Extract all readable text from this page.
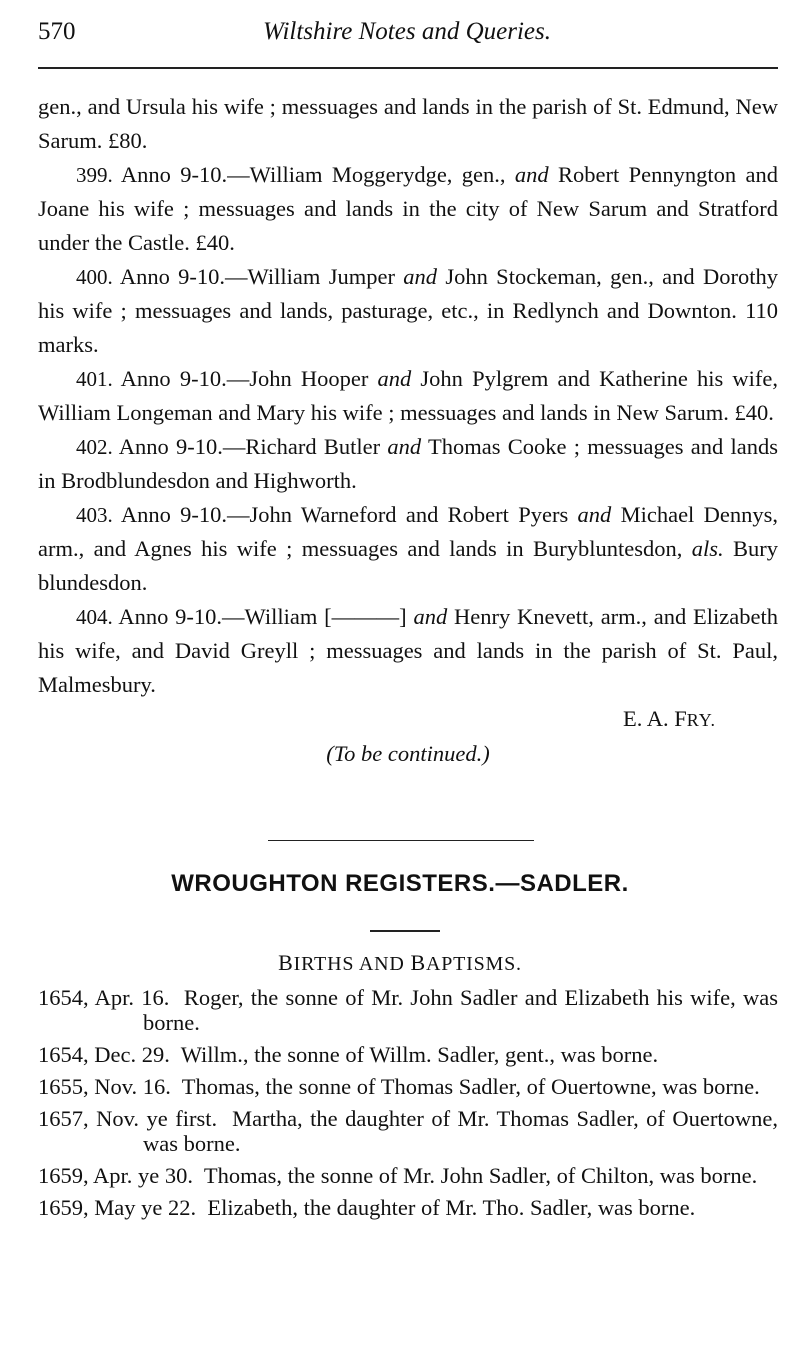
570	Wiltshire Notes and Queries.

gen., and Ursula his wife ; messuages and lands in the parish of St. Edmund, New Sarum. £80.

399. Anno 9-10.—William Moggerydge, gen., and Robert Pennyngton and Joane his wife ; messuages and lands in the city of New Sarum and Stratford under the Castle. £40.

400. Anno 9-10.—William Jumper and John Stockeman, gen., and Dorothy his wife ; messuages and lands, pasturage, etc., in Redlynch and Downton. 110 marks.

401. Anno 9-10.—John Hooper and John Pylgrem and Katherine his wife, William Longeman and Mary his wife ; messuages and lands in New Sarum. £40.

402. Anno 9-10.—Richard Butler and Thomas Cooke ; messuages and lands in Brodblundesdon and Highworth.

403. Anno 9-10.—John Warneford and Robert Pyers and Michael Dennys, arm., and Agnes his wife ; messuages and lands in Burybluntesdon, als. Bury blundesdon.

404. Anno 9-10.—William [———] and Henry Knevett, arm., and Elizabeth his wife, and David Greyll ; messuages and lands in the parish of St. Paul, Malmesbury.

E. A. FRY.

(To be continued.)

WROUGHTON REGISTERS.—SADLER.
BIRTHS AND BAPTISMS.

1654, Apr. 16. Roger, the sonne of Mr. John Sadler and Elizabeth his wife, was borne.

1654, Dec. 29. Willm., the sonne of Willm. Sadler, gent., was borne.

1655, Nov. 16. Thomas, the sonne of Thomas Sadler, of Ouertowne, was borne.

1657, Nov. ye first. Martha, the daughter of Mr. Thomas Sadler, of Ouertowne, was borne.

1659, Apr. ye 30. Thomas, the sonne of Mr. John Sadler, of Chilton, was borne.

1659, May ye 22. Elizabeth, the daughter of Mr. Tho. Sadler, was borne.
